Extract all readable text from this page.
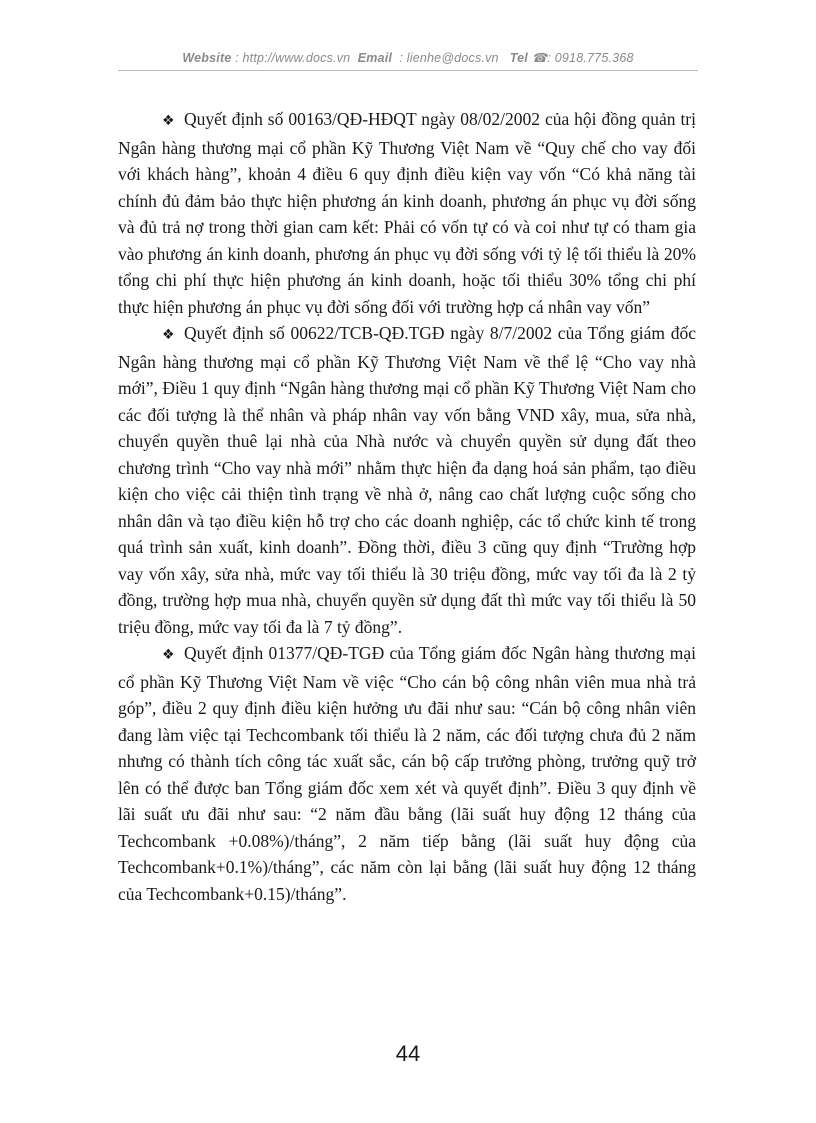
Website : http://www.docs.vn Email : lienhe@docs.vn Tel ☎: 0918.775.368

❖ Quyết định số 00163/QĐ-HĐQT ngày 08/02/2002 của hội đồng quản trị Ngân hàng thương mại cổ phần Kỹ Thương Việt Nam về “Quy chế cho vay đối với khách hàng”, khoản 4 điều 6 quy định điều kiện vay vốn “Có khả năng tài chính đủ đảm bảo thực hiện phương án kinh doanh, phương án phục vụ đời sống và đủ trả nợ trong thời gian cam kết: Phải có vốn tự có và coi như tự có tham gia vào phương án kinh doanh, phương án phục vụ đời sống với tỷ lệ tối thiểu là 20% tổng chi phí thực hiện phương án kinh doanh, hoặc tối thiểu 30% tổng chi phí thực hiện phương án phục vụ đời sống đối với trường hợp cá nhân vay vốn”

❖ Quyết định số 00622/TCB-QĐ.TGĐ ngày 8/7/2002 của Tổng giám đốc Ngân hàng thương mại cổ phần Kỹ Thương Việt Nam về thể lệ “Cho vay nhà mới”, Điều 1 quy định “Ngân hàng thương mại cổ phần Kỹ Thương Việt Nam cho các đối tượng là thể nhân và pháp nhân vay vốn bằng VND xây, mua, sửa nhà, chuyển quyền thuê lại nhà của Nhà nước và chuyển quyền sử dụng đất theo chương trình “Cho vay nhà mới” nhằm thực hiện đa dạng hoá sản phẩm, tạo điều kiện cho việc cải thiện tình trạng về nhà ở, nâng cao chất lượng cuộc sống cho nhân dân và tạo điều kiện hỗ trợ cho các doanh nghiệp, các tổ chức kinh tế trong quá trình sản xuất, kinh doanh”. Đồng thời, điều 3 cũng quy định “Trường hợp vay vốn xây, sửa nhà, mức vay tối thiểu là 30 triệu đồng, mức vay tối đa là 2 tỷ đồng, trường hợp mua nhà, chuyển quyền sử dụng đất thì mức vay tối thiểu là 50 triệu đồng, mức vay tối đa là 7 tỷ đồng”.

❖ Quyết định 01377/QĐ-TGĐ của Tổng giám đốc Ngân hàng thương mại cổ phần Kỹ Thương Việt Nam về việc “Cho cán bộ công nhân viên mua nhà trả góp”, điều 2 quy định điều kiện hưởng ưu đãi như sau: “Cán bộ công nhân viên đang làm việc tại Techcombank tối thiểu là 2 năm, các đối tượng chưa đủ 2 năm nhưng có thành tích công tác xuất sắc, cán bộ cấp trưởng phòng, trưởng quỹ trở lên có thể được ban Tổng giám đốc xem xét và quyết định”. Điều 3 quy định về lãi suất ưu đãi như sau: “2 năm đầu bằng (lãi suất huy động 12 tháng của Techcombank +0.08%)/tháng”, 2 năm tiếp bằng (lãi suất huy động của Techcombank+0.1%)/tháng”, các năm còn lại bằng (lãi suất huy động 12 tháng của Techcombank+0.15)/tháng”.

44
